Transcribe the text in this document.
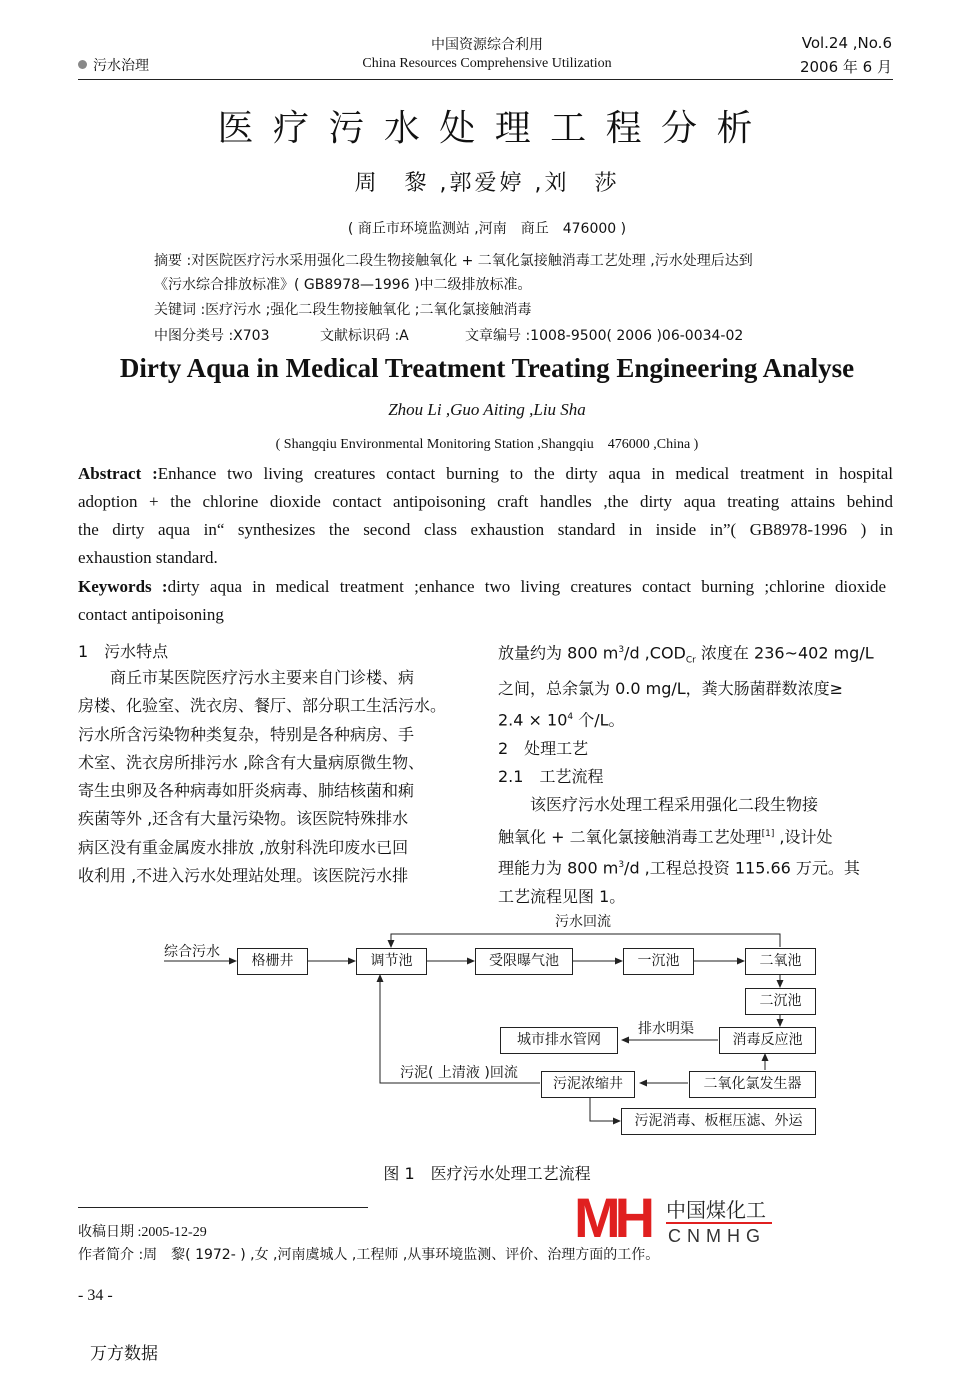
污水治理
中国资源综合利用
China Resources Comprehensive Utilization
Vol.24 ,No.6
2006 年 6 月
医 疗 污 水 处 理 工 程 分 析
周　黎 ,郭爱婷 ,刘　莎
( 商丘市环境监测站 ,河南　商丘　476000 )
摘要 :对医院医疗污水采用强化二段生物接触氧化 + 二氧化氯接触消毒工艺处理 ,污水处理后达到
《污水综合排放标准》( GB8978—1996 )中二级排放标准。
关键词 :医疗污水 ;强化二段生物接触氧化 ;二氧化氯接触消毒
中图分类号 :X703	文献标识码 :A	文章编号 :1008-9500( 2006 )06-0034-02
Dirty Aqua in Medical Treatment Treating Engineering Analyse
Zhou Li ,Guo Aiting ,Liu Sha
( Shangqiu Environmental Monitoring Station ,Shangqiu　476000 ,China )
Abstract :Enhance two living creatures contact burning to the dirty aqua in medical treatment in hospital
adoption + the chlorine dioxide contact antipoisoning craft handles ,the dirty aqua treating attains behind
the dirty aqua in“ synthesizes the second class exhaustion standard in inside in”( GB8978-1996 ) in
exhaustion standard.
Keywords :dirty aqua in medical treatment ;enhance two living creatures contact burning ;chlorine dioxide
contact antipoisoning
1　污水特点
　　商丘市某医院医疗污水主要来自门诊楼、病
房楼、化验室、洗衣房、餐厅、部分职工生活污水。
污水所含污染物种类复杂，特别是各种病房、手
术室、洗衣房所排污水 ,除含有大量病原微生物、
寄生虫卵及各种病毒如肝炎病毒、肺结核菌和痢
疾菌等外 ,还含有大量污染物。该医院特殊排水
病区没有重金属废水排放 ,放射科洗印废水已回
收利用 ,不进入污水处理站处理。该医院污水排
放量约为 800 $m^3/d$ $,COD_{Cr}$ 浓度在 236~402 mg/L
之间，总余氯为 0.0 mg/L，粪大肠菌群数浓度≥
$2.4 \times 10^4$ 个/L。
2　处理工艺
2.1　工艺流程
　　该医疗污水处理工程采用强化二段生物接
触氧化 + 二氧化氯接触消毒工艺处理[1] ,设计处
理能力为 800 $m^3/d$ ,工程总投资 115.66 万元。其
工艺流程见图 1。
综合污水
污水回流
排水明渠
污泥( 上清液 )回流
格栅井	调节池	受限曝气池	一沉池	二氧池
二沉池
消毒反应池
城市排水管网
污泥浓缩井	二氧化氯发生器
污泥消毒、板框压滤、外运
图 1　医疗污水处理工艺流程
收稿日期 :2005-12-29
作者简介 :周　黎( 1972- ) ,女 ,河南虞城人 ,工程师 ,从事环境监测、评价、治理方面的工作。
MH 中国煤化工
CNMHG
- 34 -
万方数据
